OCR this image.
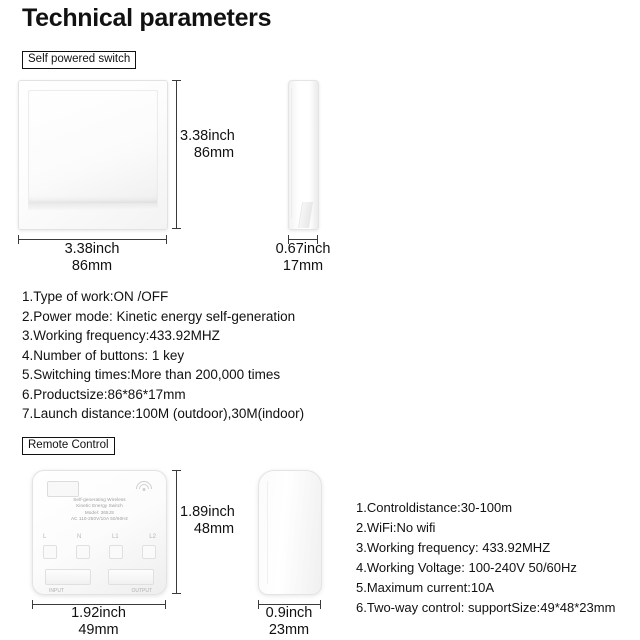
Technical parameters
Self powered switch
3.38inch
86mm
3.38inch
86mm
0.67inch
17mm
1.Type of work:ON /OFF
2.Power mode: Kinetic energy self-generation
3.Working frequency:433.92MHZ
4.Number of buttons: 1 key
5.Switching times:More than 200,000 times
6.Productsize:86*86*17mm
7.Launch distance:100M (outdoor),30M(indoor)
Remote Control
Self-generating Wireless
Kinetic Energy Switch
Model: 365JS
AC 110-250V/10A 50/60Hz
L	N	L1	L2
INPUT	OUTPUT
1.89inch
48mm
1.92inch
49mm
0.9inch
23mm
1.Controldistance:30-100m
2.WiFi:No wifi
3.Working frequency: 433.92MHZ
4.Working Voltage: 100-240V 50/60Hz
5.Maximum current:10A
6.Two-way control: supportSize:49*48*23mm
